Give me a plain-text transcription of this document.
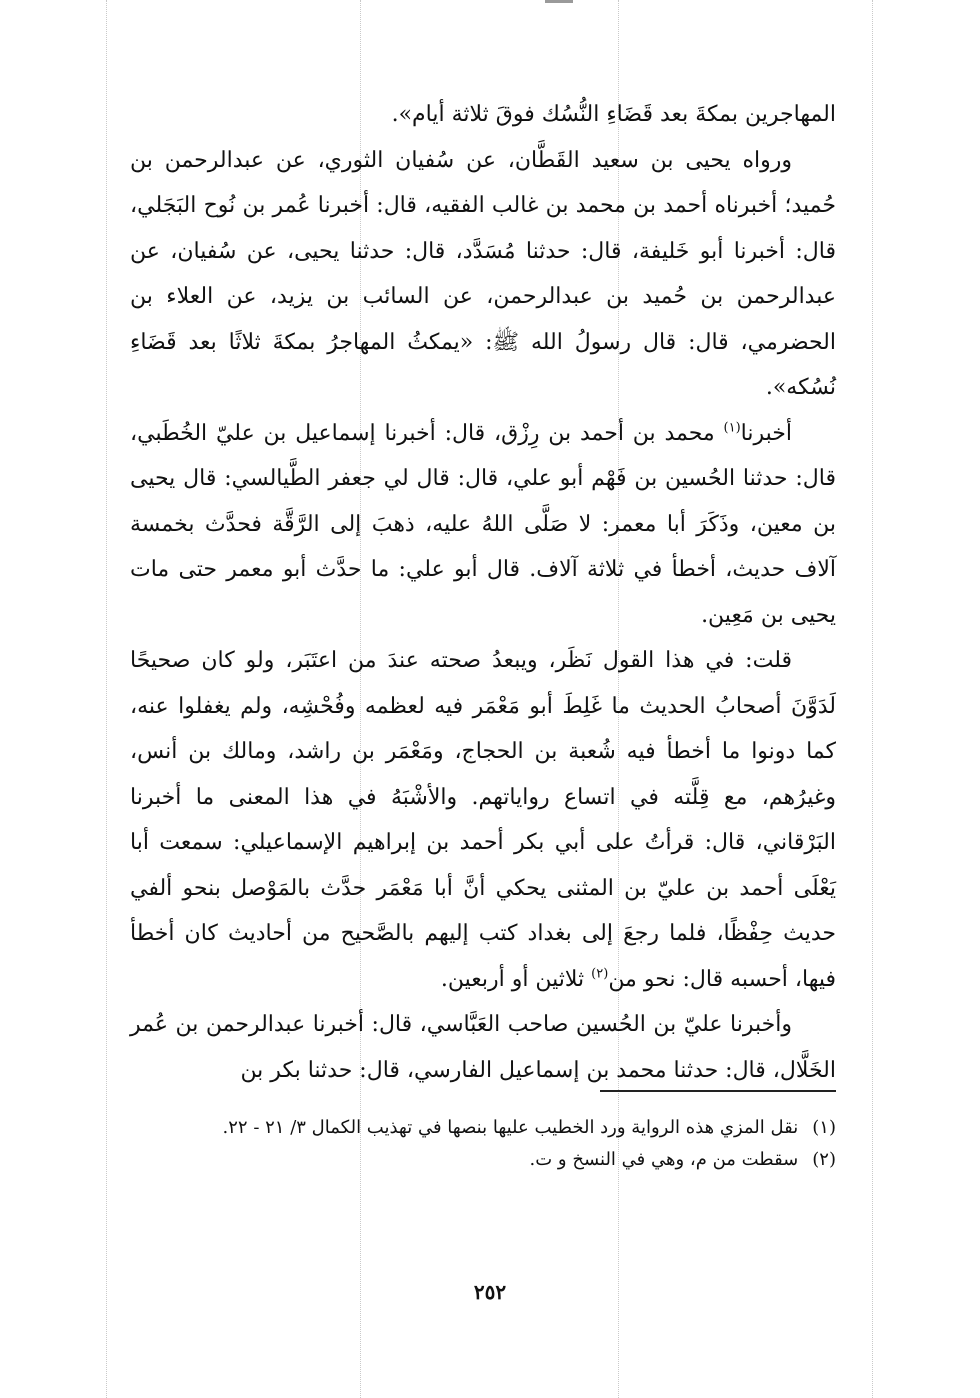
المهاجرين بمكةَ بعد قَضَاءِ النُّسُك فوقَ ثلاثة أيام».

ورواه يحيى بن سعيد القَطَّان، عن سُفيان الثوري، عن عبدالرحمن بن حُميد؛ أخبرناه أحمد بن محمد بن غالب الفقيه، قال: أخبرنا عُمر بن نُوح البَجَلي، قال: أخبرنا أبو خَليفة، قال: حدثنا مُسَدَّد، قال: حدثنا يحيى، عن سُفيان، عن عبدالرحمن بن حُميد بن عبدالرحمن، عن السائب بن يزيد، عن العلاء بن الحضرمي، قال: قال رسولُ الله ﷺ: «يمكثُ المهاجرُ بمكةَ ثلاثًا بعد قَضَاءِ نُسُكه».

أخبرنا$^{(١)}$ محمد بن أحمد بن رِزْق، قال: أخبرنا إسماعيل بن عليّ الخُطَبي، قال: حدثنا الحُسين بن فَهْم أبو علي، قال: قال لي جعفر الطَّيالسي: قال يحيى بن معين، وذَكَرَ أبا معمر: لا صَلَّى اللهُ عليه، ذهبَ إلى الرَّقَّة فحدَّث بخمسة آلاف حديث، أخطأ في ثلاثة آلاف. قال أبو علي: ما حدَّث أبو معمر حتى مات يحيى بن مَعِين.

قلت: في هذا القول نَظَر، ويبعدُ صحته عندَ من اعتَبَر، ولو كان صحيحًا لَدَوَّنَ أصحابُ الحديث ما غَلِطَ أبو مَعْمَر فيه لعظمه وفُحْشِه، ولم يغفلوا عنه، كما دونوا ما أخطأ فيه شُعبة بن الحجاج، ومَعْمَر بن راشد، ومالك بن أنس، وغيرُهم، مع قِلَّته في اتساع رواياتهم. والأشْبَهُ في هذا المعنى ما أخبرنا البَرْقاني، قال: قرأتُ على أبي بكر أحمد بن إبراهيم الإسماعيلي: سمعت أبا يَعْلَى أحمد بن عليّ بن المثنى يحكي أنَّ أبا مَعْمَر حدَّث بالمَوْصل بنحو ألفي حديث حِفْظًا، فلما رجعَ إلى بغداد كتب إليهم بالصَّحيح من أحاديث كان أخطأ فيها، أحسبه قال: نحو من$^{(٢)}$ ثلاثين أو أربعين.

وأخبرنا عليّ بن الحُسين صاحب العَبَّاسي، قال: أخبرنا عبدالرحمن بن عُمر الخَلَّال، قال: حدثنا محمد بن إسماعيل الفارسي، قال: حدثنا بكر بن

(١)
نقل المزي هذه الرواية ورد الخطيب عليها بنصها في تهذيب الكمال ٣/ ٢١ - ٢٢.
(٢)
سقطت من م، وهي في النسخ و ت.
٢٥٢
